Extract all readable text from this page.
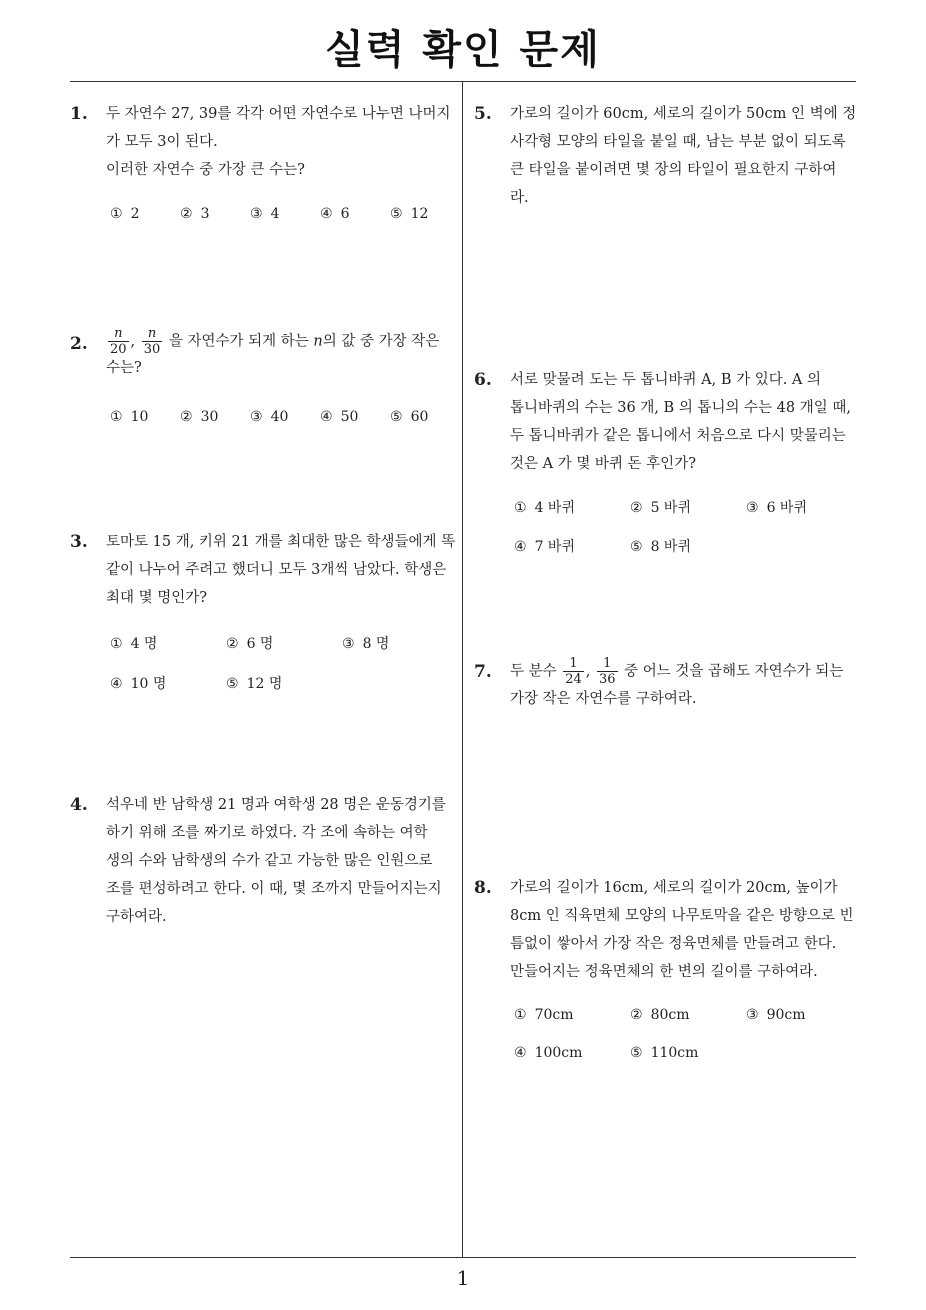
실력 확인 문제
1
1. 두 자연수 27, 39를 각각 어떤 자연수로 나누면 나머지
가 모두 3이 된다.
이러한 자연수 중 가장 큰 수는?

① 2	② 3	③ 4	④ 6	⑤ 12
2. $\frac{n}{20}$ , $\frac{n}{30}$ 을 자연수가 되게 하는 n의 값 중 가장 작은
수는?

① 10 ② 30 ③ 40 ④ 50 ⑤ 60
3. 토마토 15 개, 키위 21 개를 최대한 많은 학생들에게 똑
같이 나누어 주려고 했더니 모두 3개씩 남았다. 학생은
최대 몇 명인가?

① 4 명	② 6 명	③ 8 명
④ 10 명	⑤ 12 명
4. 석우네 반 남학생 21 명과 여학생 28 명은 운동경기를
하기 위해 조를 짜기로 하였다. 각 조에 속하는 여학
생의 수와 남학생의 수가 같고 가능한 많은 인원으로
조를 편성하려고 한다. 이 때, 몇 조까지 만들어지는지
구하여라.

5. 가로의 길이가 60cm, 세로의 길이가 50cm 인 벽에 정
사각형 모양의 타일을 붙일 때, 남는 부분 없이 되도록
큰 타일을 붙이려면 몇 장의 타일이 필요한지 구하여
라.

6. 서로 맞물려 도는 두 톱니바퀴 A, B 가 있다. A 의
톱니바퀴의 수는 36 개, B 의 톱니의 수는 48 개일 때,
두 톱니바퀴가 같은 톱니에서 처음으로 다시 맞물리는
것은 A 가 몇 바퀴 돈 후인가?

① 4 바퀴	② 5 바퀴	③ 6 바퀴
④ 7 바퀴	⑤ 8 바퀴
7. 두 분수 $\frac{1}{24}$ , $\frac{1}{36}$ 중 어느 것을 곱해도 자연수가 되는
가장 작은 자연수를 구하여라.

8. 가로의 길이가 16cm, 세로의 길이가 20cm, 높이가
8cm 인 직육면체 모양의 나무토막을 같은 방향으로 빈
틈없이 쌓아서 가장 작은 정육면체를 만들려고 한다.
만들어지는 정육면체의 한 변의 길이를 구하여라.

① 70cm	② 80cm	③ 90cm
④ 100cm	⑤ 110cm
